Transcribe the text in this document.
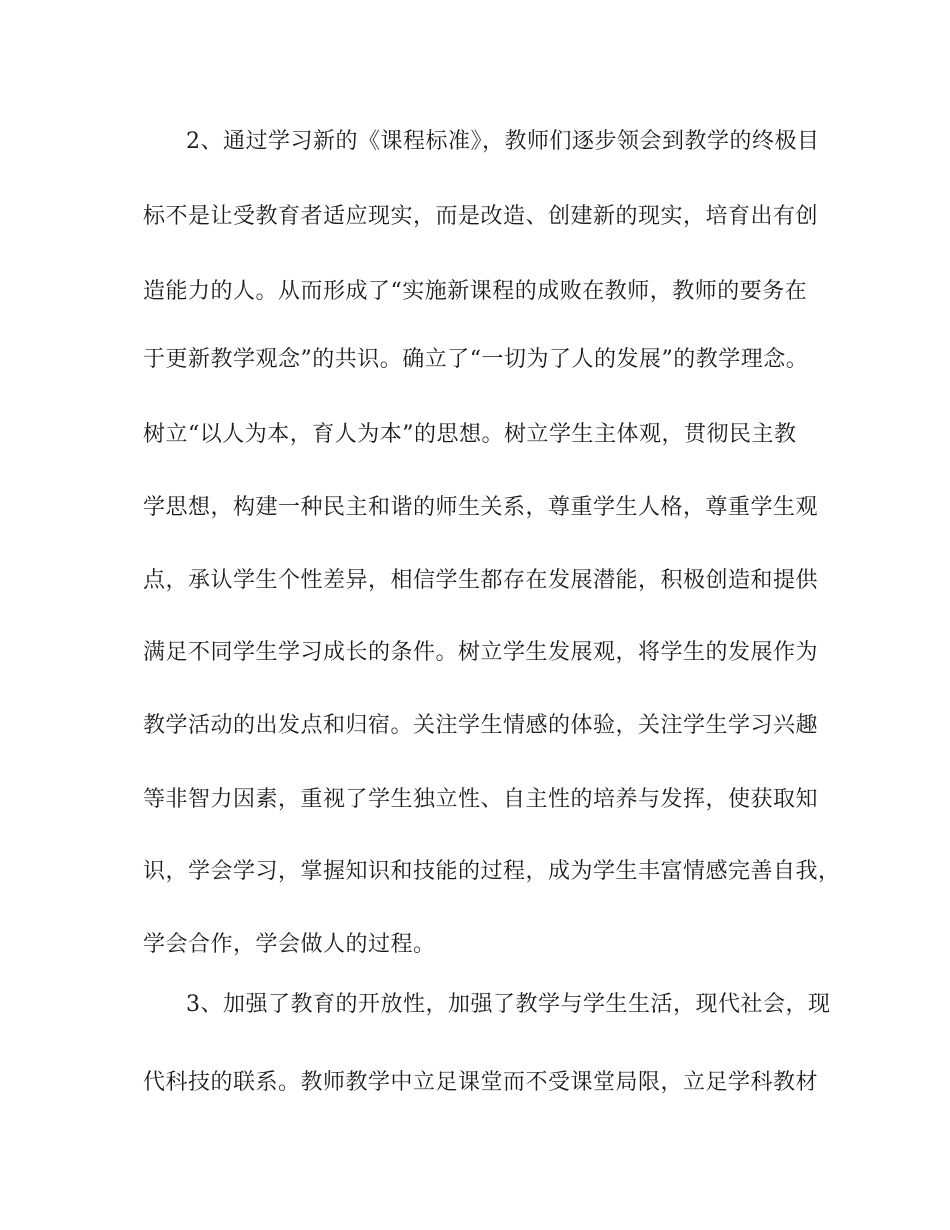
2、通过学习新的《课程标准》，教师们逐步领会到教学的终极目
标不是让受教育者适应现实，而是改造、创建新的现实，培育出有创
造能力的人。从而形成了“实施新课程的成败在教师，教师的要务在
于更新教学观念”的共识。确立了“一切为了人的发展”的教学理念。
树立“以人为本，育人为本”的思想。树立学生主体观，贯彻民主教
学思想，构建一种民主和谐的师生关系，尊重学生人格，尊重学生观
点，承认学生个性差异，相信学生都存在发展潜能，积极创造和提供
满足不同学生学习成长的条件。树立学生发展观，将学生的发展作为
教学活动的出发点和归宿。关注学生情感的体验，关注学生学习兴趣
等非智力因素，重视了学生独立性、自主性的培养与发挥，使获取知
识，学会学习，掌握知识和技能的过程，成为学生丰富情感完善自我，
学会合作，学会做人的过程。
3、加强了教育的开放性，加强了教学与学生生活，现代社会，现
代科技的联系。教师教学中立足课堂而不受课堂局限，立足学科教材
